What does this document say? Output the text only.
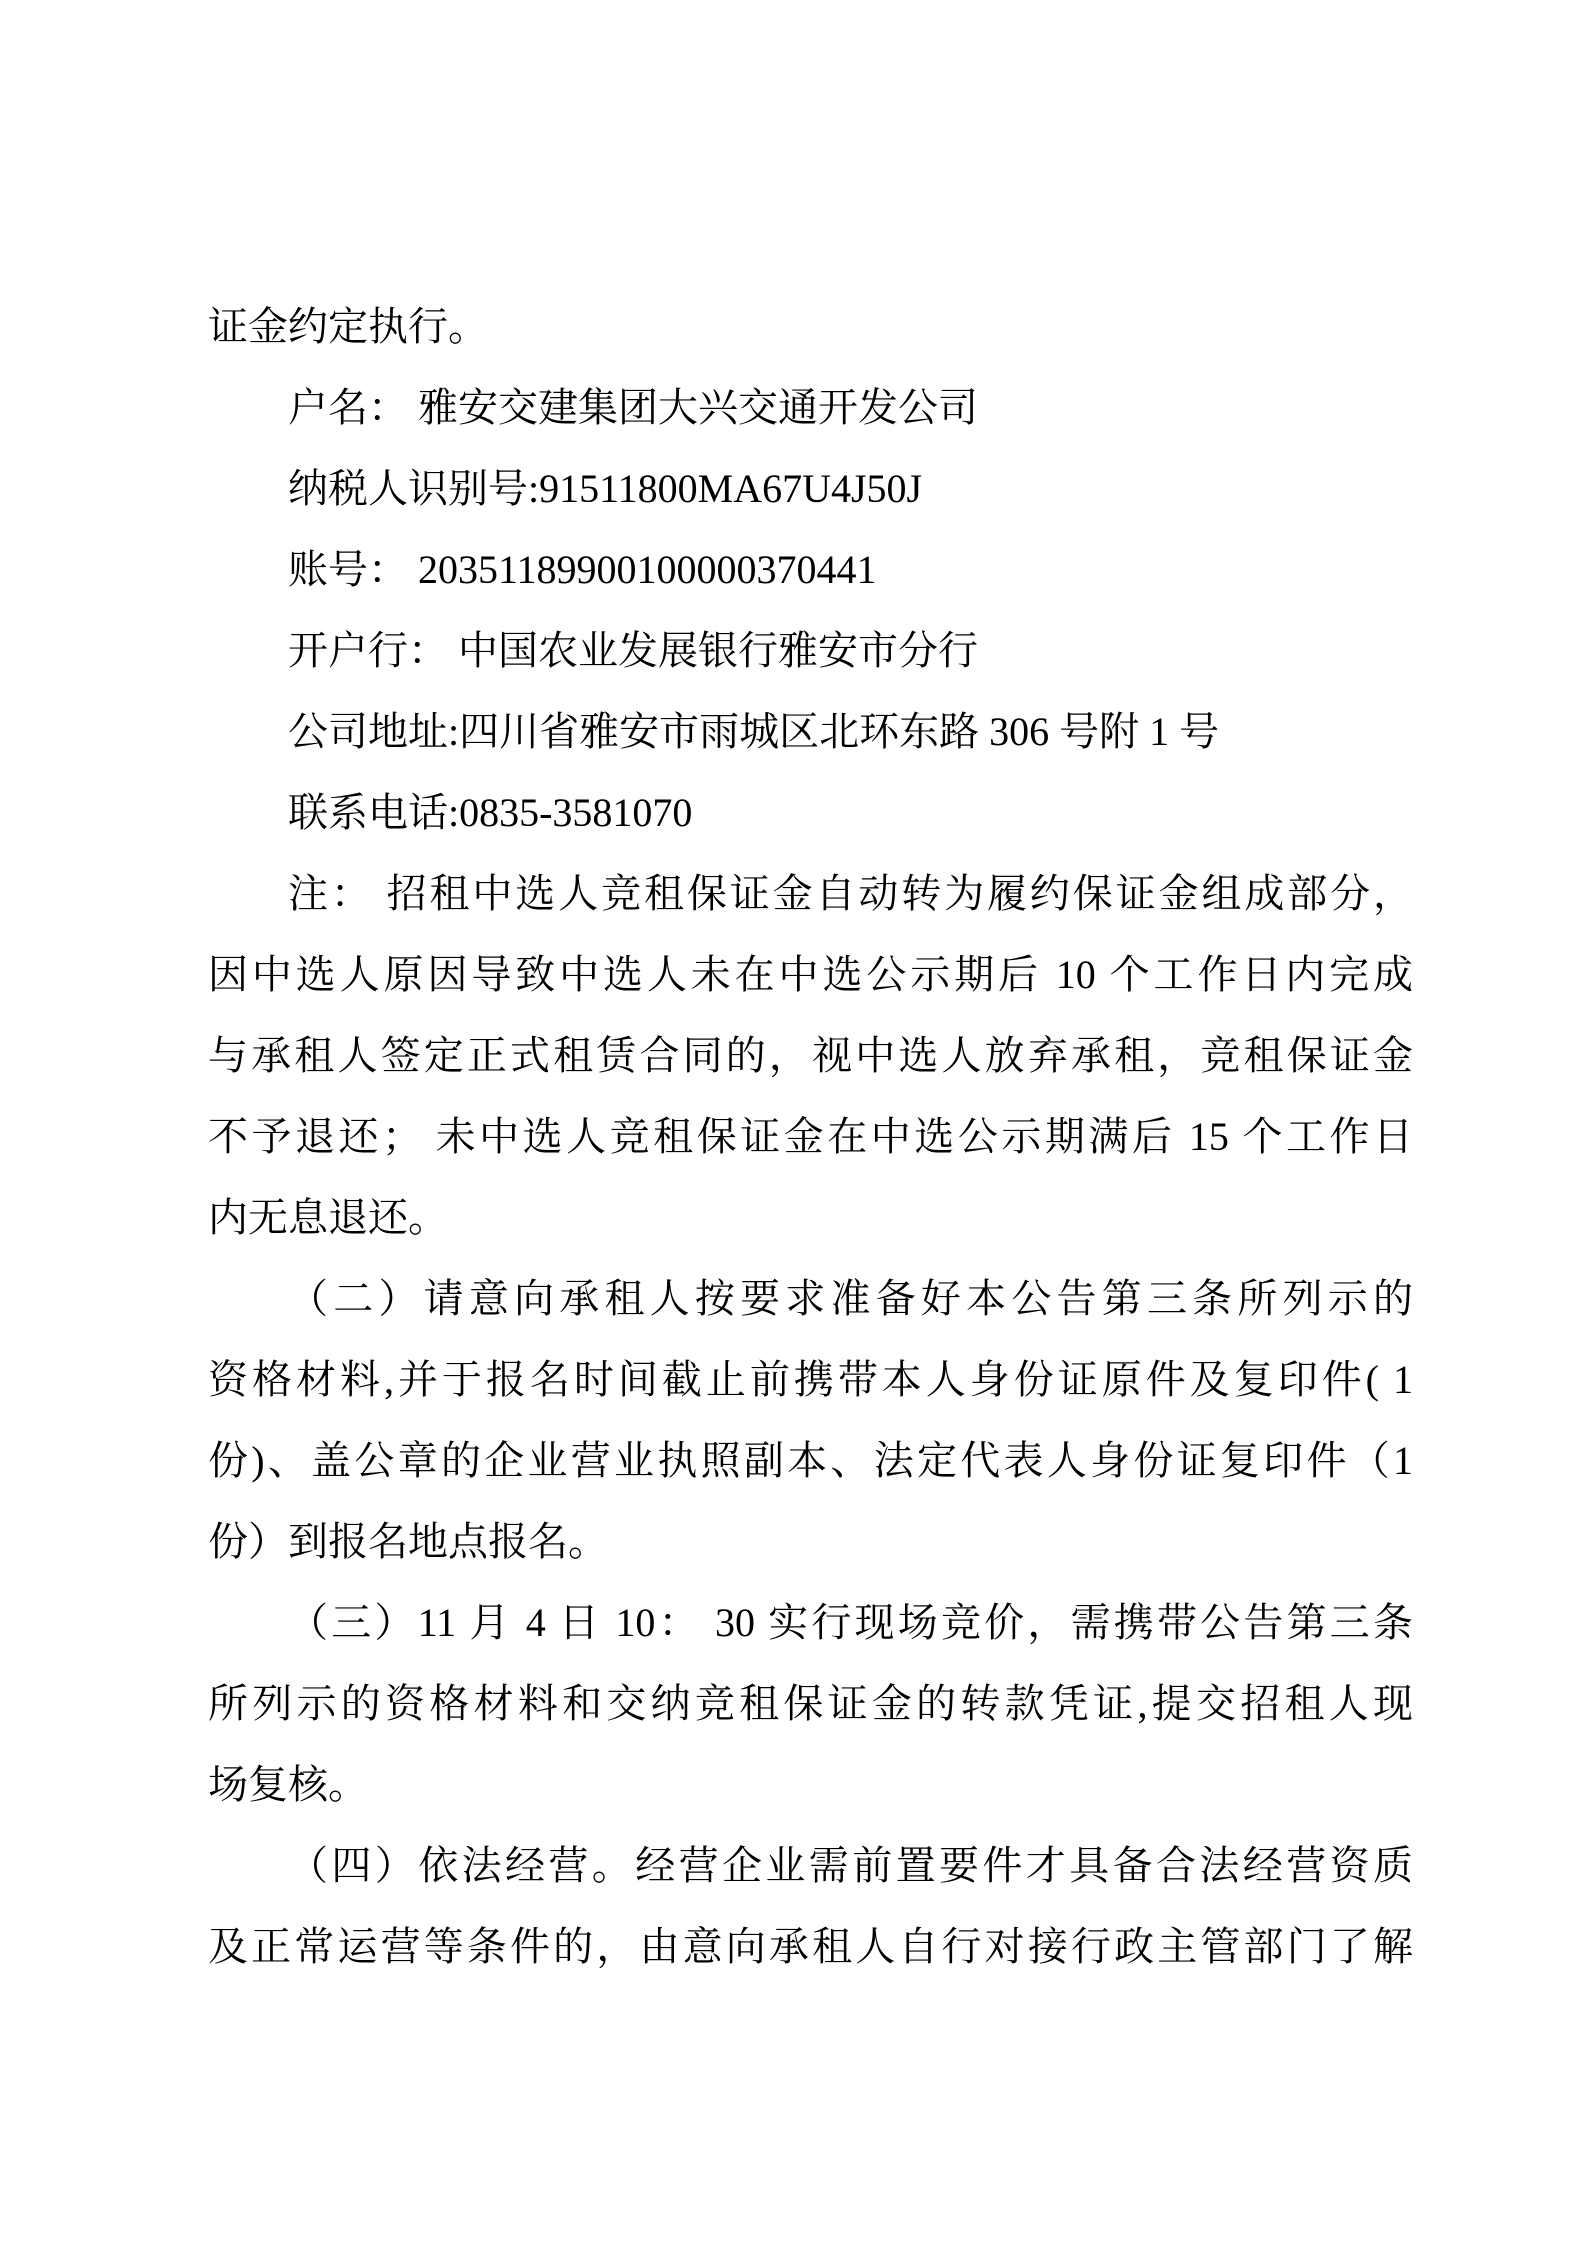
证金约定执行。
户名： 雅安交建集团大兴交通开发公司
纳税人识别号:91511800MA67U4J50J
账号： 20351189900100000370441
开户行： 中国农业发展银行雅安市分行
公司地址:四川省雅安市雨城区北环东路 306 号附 1 号
联系电话:0835-3581070
注： 招租中选人竞租保证金自动转为履约保证金组成部分，
因中选人原因导致中选人未在中选公示期后 10 个工作日内完成
与承租人签定正式租赁合同的，视中选人放弃承租，竞租保证金
不予退还； 未中选人竞租保证金在中选公示期满后 15 个工作日
内无息退还。
（二）请意向承租人按要求准备好本公告第三条所列示的
资格材料,并于报名时间截止前携带本人身份证原件及复印件( 1
份)、盖公章的企业营业执照副本、法定代表人身份证复印件（1
份）到报名地点报名。
（三）11 月 4 日 10： 30 实行现场竞价，需携带公告第三条
所列示的资格材料和交纳竞租保证金的转款凭证,提交招租人现
场复核。
（四）依法经营。经营企业需前置要件才具备合法经营资质
及正常运营等条件的，由意向承租人自行对接行政主管部门了解
